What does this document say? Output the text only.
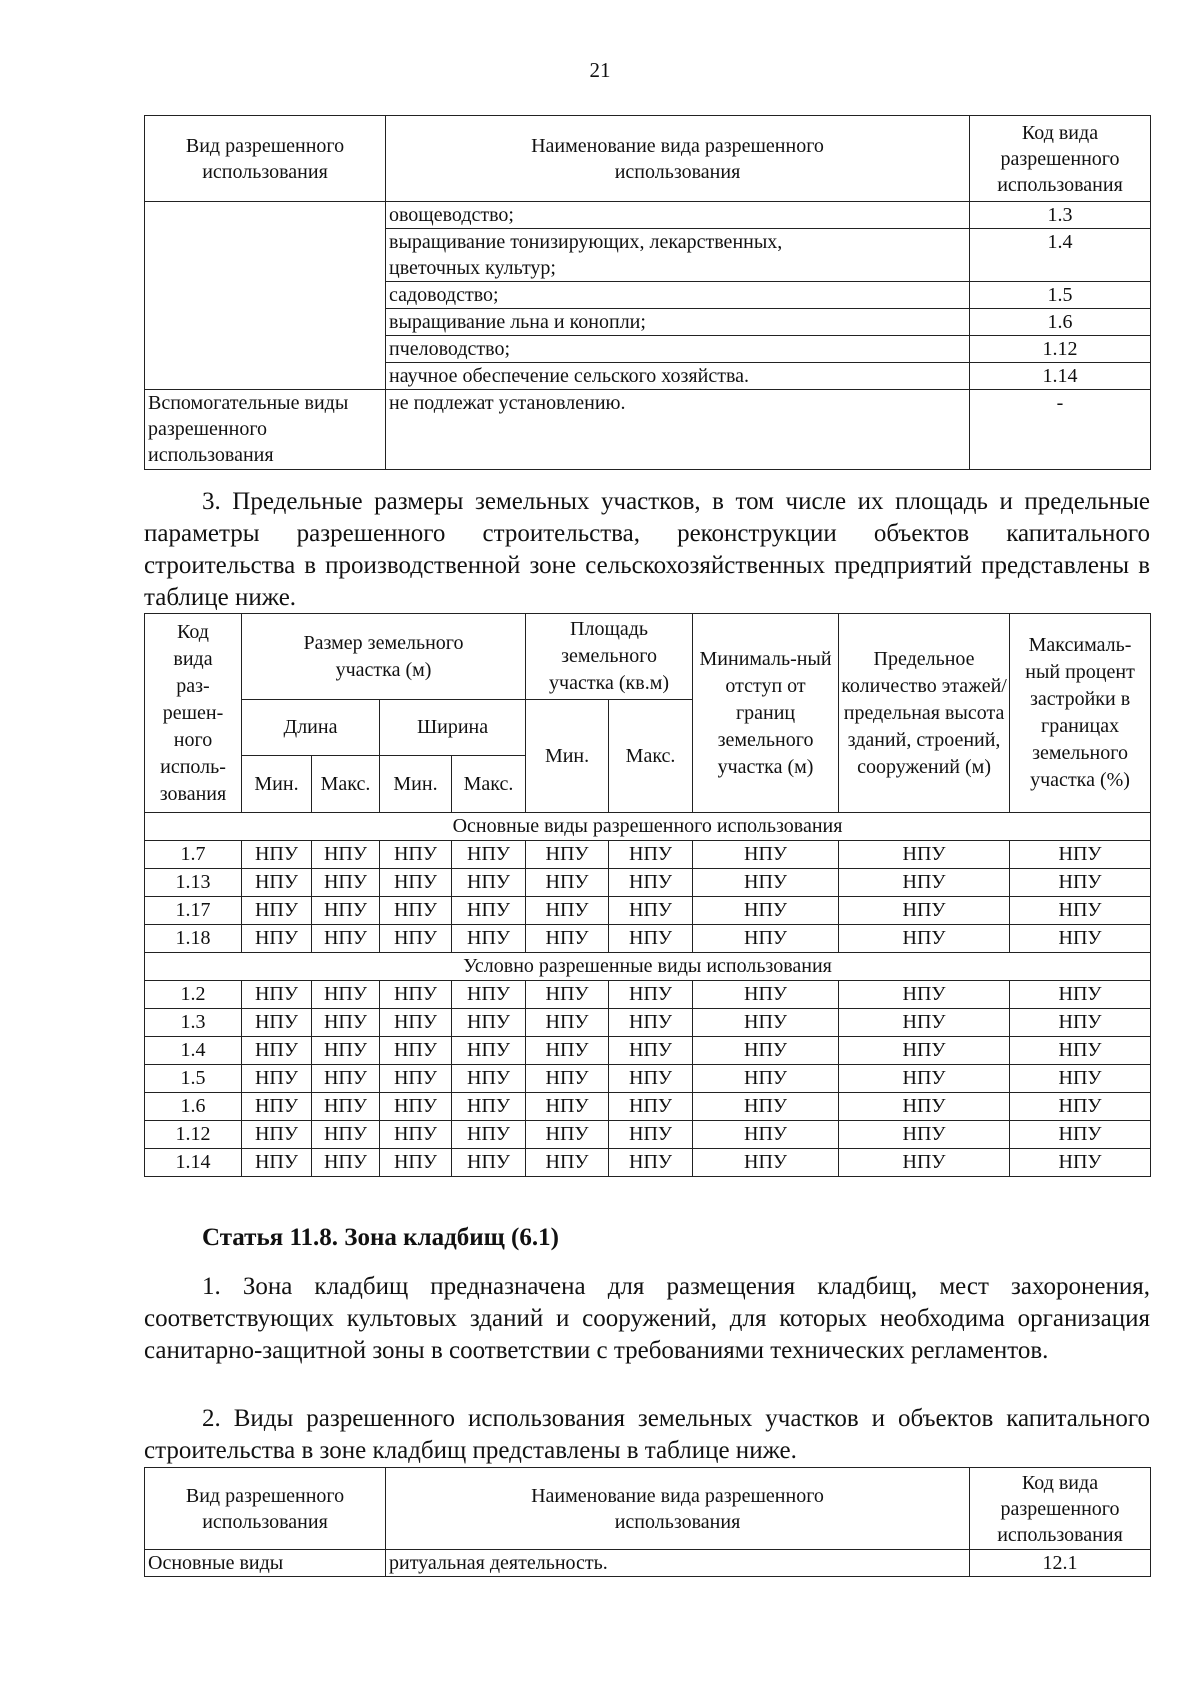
21
Вид разрешенного использования	Наименование вида разрешенного использования	Код вида разрешенного использования
	овощеводство;	1.3
	выращивание тонизирующих, лекарственных, цветочных культур;	1.4
	садоводство;	1.5
	выращивание льна и конопли;	1.6
	пчеловодство;	1.12
	научное обеспечение сельского хозяйства.	1.14
Вспомогательные виды разрешенного использования	не подлежат установлению.	-
3. Предельные размеры земельных участков, в том числе их площадь и предельные параметры разрешенного строительства, реконструкции объектов капитального строительства в производственной зоне сельскохозяйственных предприятий представлены в таблице ниже.
Код вида раз-решен-ного исполь-зования	Размер земельного участка (м)				Площадь земельного участка (кв.м)		Минималь-ный отступ от границ земельного участка (м)	Предельное количество этажей/ предельная высота зданий, строений, сооружений (м)	Максималь-ный процент застройки в границах земельного участка (%)
	Длина		Ширина		Мин.	Макс.			
	Мин.	Макс.	Мин.	Макс.					
Основные виды разрешенного использования									
1.7	НПУ	НПУ	НПУ	НПУ	НПУ	НПУ	НПУ	НПУ	НПУ
1.13	НПУ	НПУ	НПУ	НПУ	НПУ	НПУ	НПУ	НПУ	НПУ
1.17	НПУ	НПУ	НПУ	НПУ	НПУ	НПУ	НПУ	НПУ	НПУ
1.18	НПУ	НПУ	НПУ	НПУ	НПУ	НПУ	НПУ	НПУ	НПУ
Условно разрешенные виды использования									
1.2	НПУ	НПУ	НПУ	НПУ	НПУ	НПУ	НПУ	НПУ	НПУ
1.3	НПУ	НПУ	НПУ	НПУ	НПУ	НПУ	НПУ	НПУ	НПУ
1.4	НПУ	НПУ	НПУ	НПУ	НПУ	НПУ	НПУ	НПУ	НПУ
1.5	НПУ	НПУ	НПУ	НПУ	НПУ	НПУ	НПУ	НПУ	НПУ
1.6	НПУ	НПУ	НПУ	НПУ	НПУ	НПУ	НПУ	НПУ	НПУ
1.12	НПУ	НПУ	НПУ	НПУ	НПУ	НПУ	НПУ	НПУ	НПУ
1.14	НПУ	НПУ	НПУ	НПУ	НПУ	НПУ	НПУ	НПУ	НПУ
Статья 11.8. Зона кладбищ (6.1)
1. Зона кладбищ предназначена для размещения кладбищ, мест захоронения, соответствующих культовых зданий и сооружений, для которых необходима организация санитарно-защитной зоны в соответствии с требованиями технических регламентов.
2. Виды разрешенного использования земельных участков и объектов капитального строительства в зоне кладбищ представлены в таблице ниже.
Вид разрешенного использования	Наименование вида разрешенного использования	Код вида разрешенного использования
Основные виды	ритуальная деятельность.	12.1
